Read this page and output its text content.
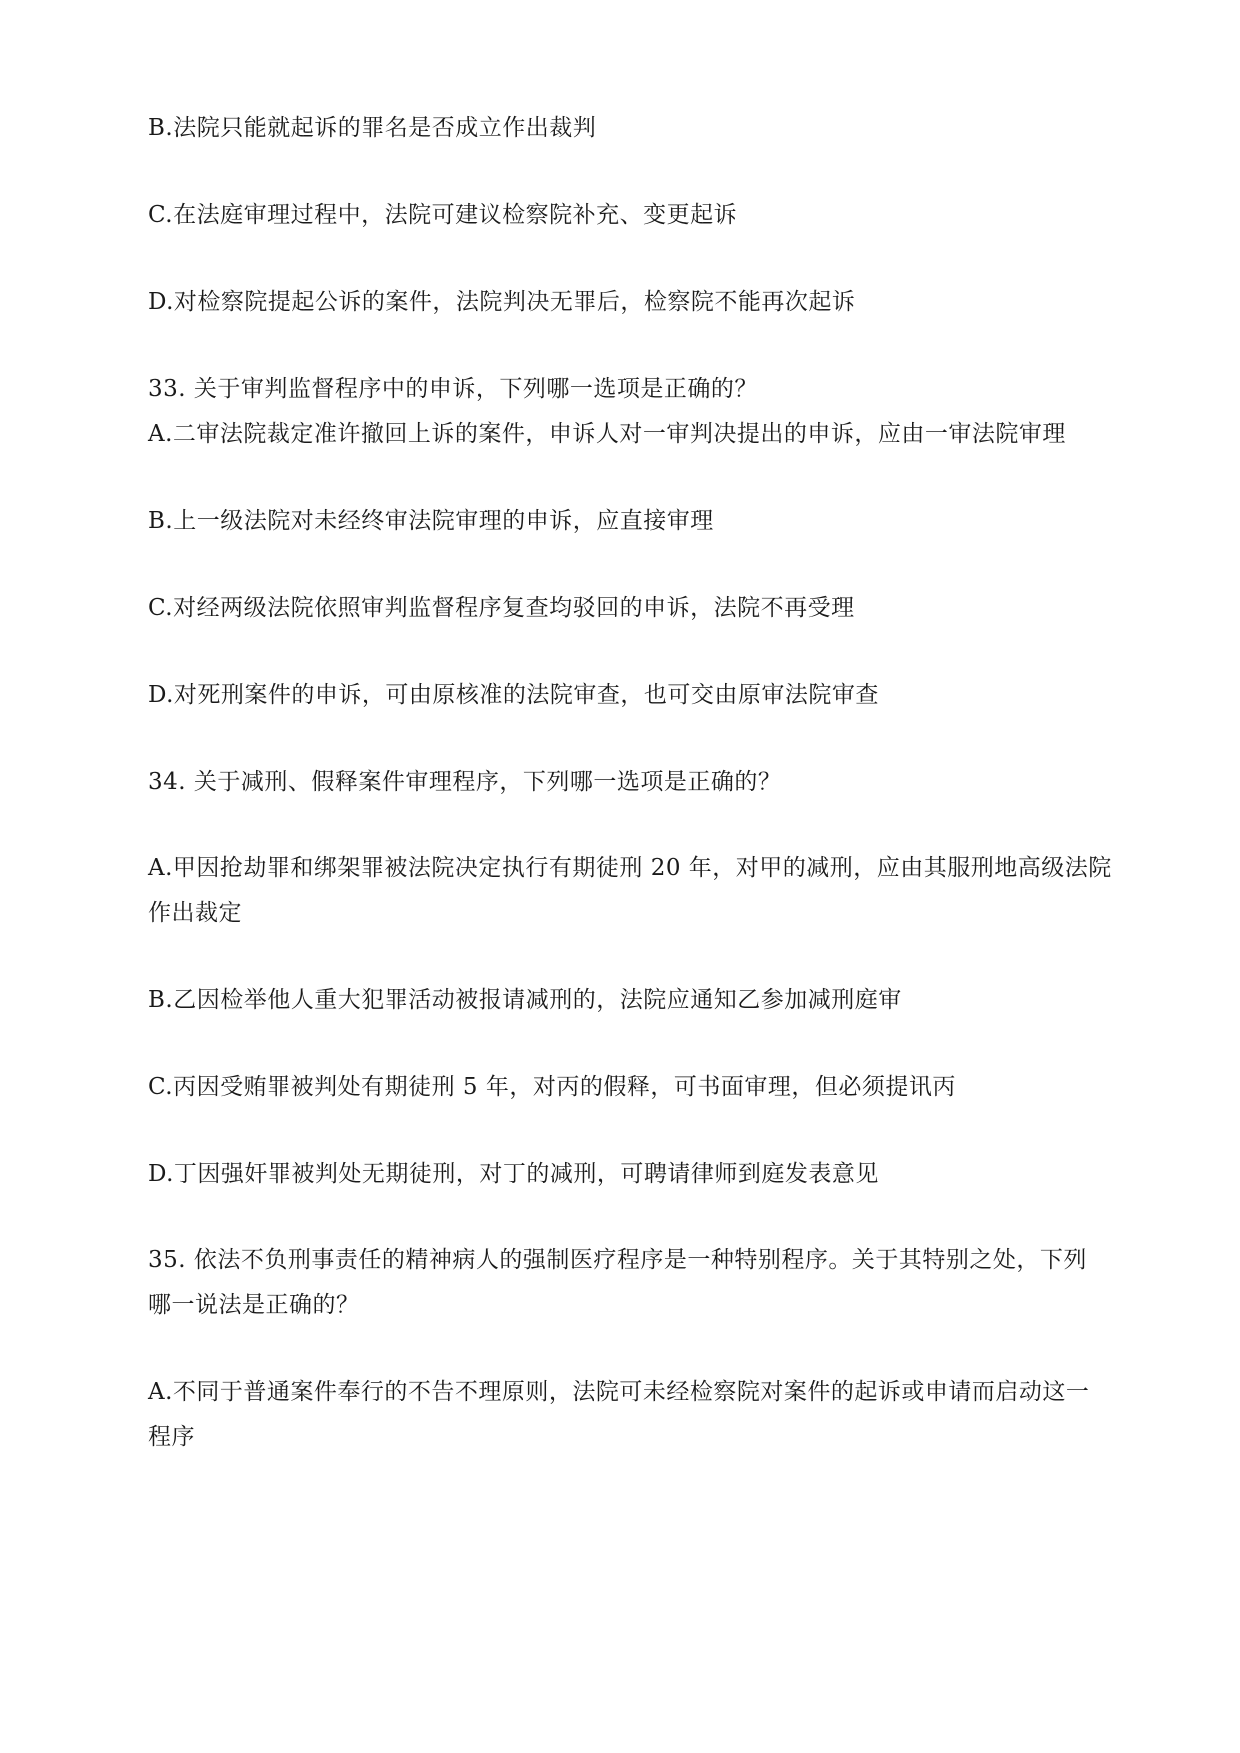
B.法院只能就起诉的罪名是否成立作出裁判
C.在法庭审理过程中，法院可建议检察院补充、变更起诉
D.对检察院提起公诉的案件，法院判决无罪后，检察院不能再次起诉
33. 关于审判监督程序中的申诉，下列哪一选项是正确的？
A.二审法院裁定准许撤回上诉的案件，申诉人对一审判决提出的申诉，应由一审法院审理
B.上一级法院对未经终审法院审理的申诉，应直接审理
C.对经两级法院依照审判监督程序复查均驳回的申诉，法院不再受理
D.对死刑案件的申诉，可由原核准的法院审查，也可交由原审法院审查
34. 关于减刑、假释案件审理程序，下列哪一选项是正确的？
A.甲因抢劫罪和绑架罪被法院决定执行有期徒刑 20 年，对甲的减刑，应由其服刑地高级法院
作出裁定
B.乙因检举他人重大犯罪活动被报请减刑的，法院应通知乙参加减刑庭审
C.丙因受贿罪被判处有期徒刑 5 年，对丙的假释，可书面审理，但必须提讯丙
D.丁因强奸罪被判处无期徒刑，对丁的减刑，可聘请律师到庭发表意见
35. 依法不负刑事责任的精神病人的强制医疗程序是一种特别程序。关于其特别之处，下列
哪一说法是正确的？
A.不同于普通案件奉行的不告不理原则，法院可未经检察院对案件的起诉或申请而启动这一
程序
